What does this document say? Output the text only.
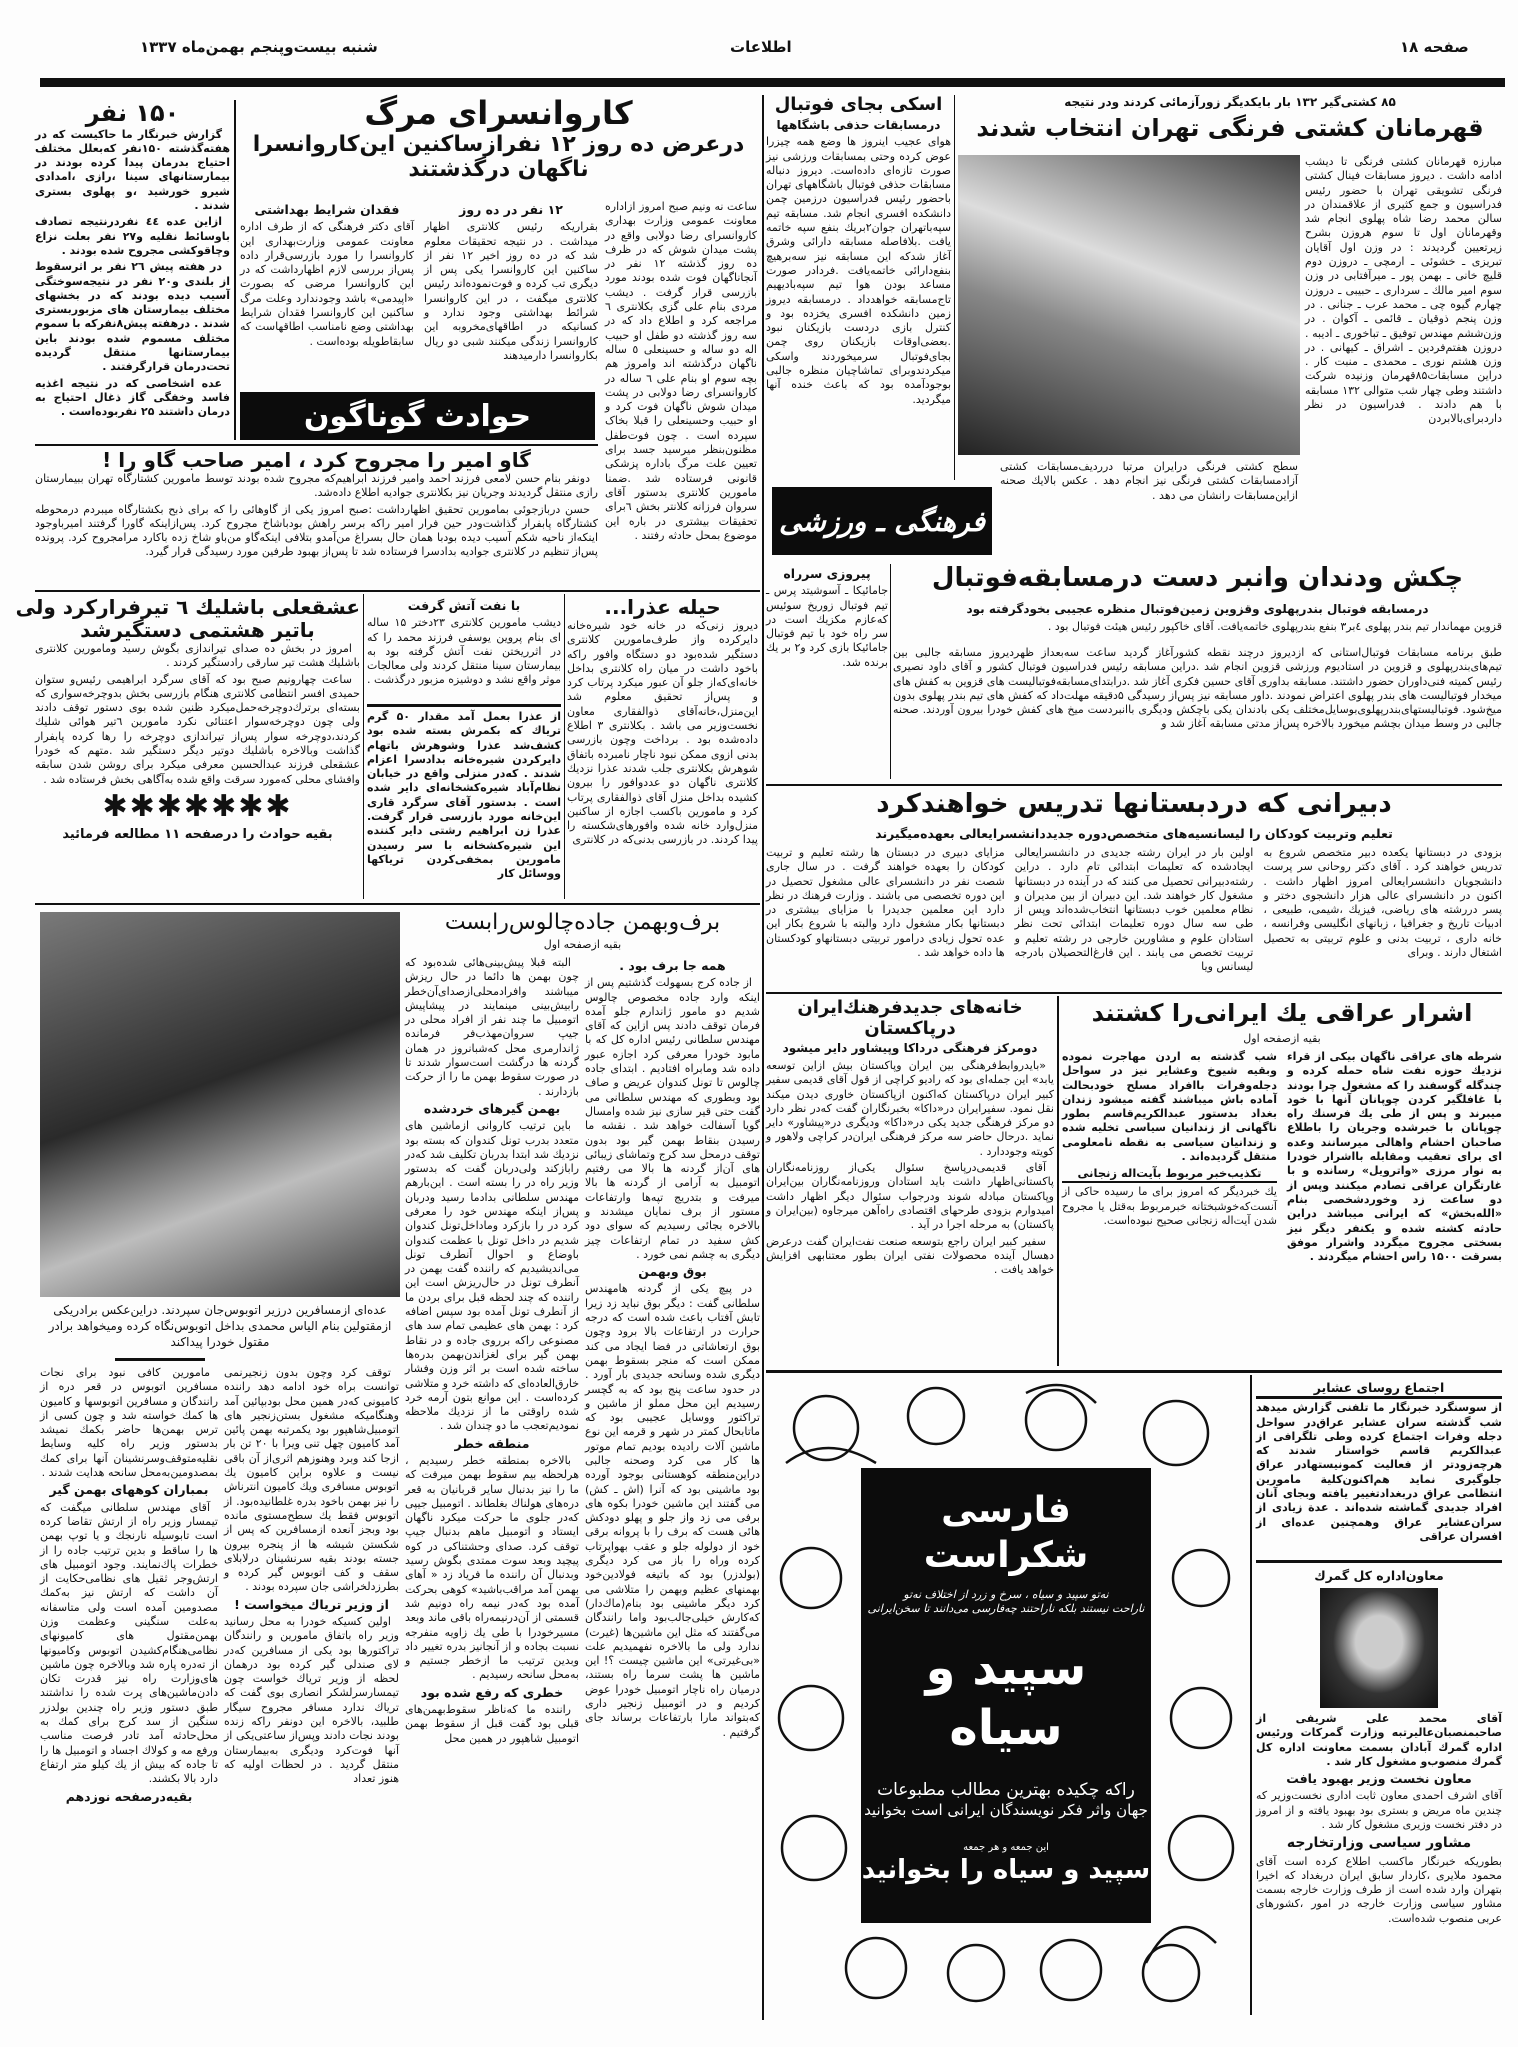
صفحه ۱۸
اطلاعات
شنبه بیست‌وپنجم بهمن‌ماه ۱۳۳۷
۱۵۰ نفر

گزارش خبرنگار ما حاکیست که در هفته‌گذشته ۱۵۰نفر که‌بعلل مختلف احتیاج بدرمان پیدا کرده بودند در بیمارستانهای سینا ،رازی ،امدادی شیرو خورشید ،و پهلوی بستری شدند .

ازاین عده ٤٤ نفردرنتیجه تصادف باوسائط نقلیه و۲۷ نفر بعلت نزاع وچاقوکشی مجروح شده بودند .

در هفته پیش ۲٦ نفر بر اثرسقوط از بلندی و۲۰ نفر در نتیجه‌سوختگی آسیب دیده بودند که در بخشهای مختلف بیمارستان های مزبوربستری شدند . درهفته پیش۸نفرکه با سموم مختلف مسموم شده بودند باین بیمارستانها منتقل گردیده تحت‌درمان قرارگرفتند .

عده اشخاصی که در نتیجه اغذیه فاسد وخفگی گاز ذغال احتیاج به درمان داشتند ۲۵ نفربوده‌است .

کاروانسرای مرگ
درعرض ده روز ۱۲ نفرازساکنین این‌کاروانسرا
ناگهان درگذشتند
۱۲ نفر در ده روز
بقراریکه رئیس کلانتری اظهار میداشت . در نتیجه تحقیقات معلوم شد که در ده روز اخیر ۱۲ نفر از ساکنین این کاروانسرا یکی پس از دیگری تب کرده و فوت‌نموده‌اند رئیس کلانتری میگفت ، در این کاروانسرا شرائط بهداشتی وجود ندارد و کسانیکه در اطاقهای‌مخروبه این کاروانسرا زندگی میکنند شبی دو ریال بکاروانسرا دارمیدهند
فقدان شرایط بهداشتی
آقای دکتر فرهنگی که از طرف اداره معاونت عمومی وزارت‌بهداری این کاروانسرا را مورد بازرسی‌قرار داده پس‌از بررسی لازم اظهارداشت که در این کاروانسرا مرضی که بصورت «اپیدمی» باشد وجودندارد وعلت مرگ ساکنین این کاروانسرا فقدان شرایط بهداشتی وضع نامناسب اطاقهاست که سابقاطویله بوده‌است .
ساعت نه ونیم صبح امروز ازاداره معاونت عمومی وزارت بهداری کاروانسرای رضا دولابی واقع در پشت میدان شوش که در ظرف ده روز گذشته ۱۲ نفر در آنجاناگهان فوت شده بودند مورد بازرسی قرار گرفت . دیشب مردی بنام علی گزی بکلانتری ٦ مراجعه کرد و اطلاع داد که در سه روز گذشته دو طفل او حبیب اله دو ساله و حسینعلی ٥ ساله ناگهان درگذشته اند وامروز هم بچه سوم او بنام علی ٦ ساله در کاروانسرای رضا دولابی در پشت میدان شوش ناگهان فوت کرد و او حبیب وحسینعلی را قبلا بخاک سپرده است . چون فوت‌طفل مظنون‌بنظر میرسید جسد برای تعیین علت مرگ باداره پزشکی قانونی فرستاده شد .ضمنا مامورین کلانتری بدستور آقای سروان فرزانه کلانتر بخش ٦برای تحقیقات بیشتری در باره این موضوع بمحل حادثه رفتند .
حوادث گوناگون
گاو امیر را مجروح کرد ، امیر صاحب گاو را !

دونفر بنام حسن لامعی فرزند احمد وامیر فرزند ابراهیم‌که مجروح شده بودند توسط مامورین کشتارگاه تهران ببیمارستان رازی منتقل گردیدند وجریان نیز بکلانتری جوادیه اطلاع داده‌شد.

حسن دربازجوئی بمامورین تحقیق اظهارداشت :صبح امروز یکی از گاوهائی را که برای ذبح بکشتارگاه میبردم درمحوطه کشتارگاه پابفرار گذاشت‌ودر حین فرار امیر راکه برسر راهش بودباشاخ مجروح کرد. پس‌ازاینکه گاورا گرفتند امیرباوجود اینکه‌از ناحیه شکم آسیب دیده بودبا همان حال بسراغ من‌آمدو بتلافی اینکه‌گاو من‌باو شاخ زده باکارد مرامجروح کرد. پرونده پس‌از تنظیم در کلانتری جوادیه بدادسرا فرستاده شد تا پس‌از بهبود طرفین مورد رسیدگی قرار گیرد.

عشقعلی باشلیك ٦ تیرفرارکرد ولی
باتیر هشتمی دستگیرشد

امروز در بخش ده صدای تیراندازی بگوش رسید ومامورین کلانتری باشلیك هشت تیر سارقی رادستگیر کردند .

ساعت چهارونیم صبح بود که آقای سرگرد ابراهیمی رئیس‌و ستوان حمیدی افسر انتظامی کلانتری هنگام بازرسی بخش بدوچرخه‌سواری که بسته‌ای برترك‌دوچرخه‌حمل‌میکرد ظنین شده بوی دستور توقف دادند ولی چون دوچرخه‌سوار اعتنائی نکرد مامورین ٦تیر هوائی شلیك کردند،دوچرخه سوار پس‌از تیراندازی دوچرخه را رها کرده پابفرار گذاشت وبالاخره باشلیك دوتیر دیگر دستگیر شد .متهم که خودرا عشقعلی فرزند عبدالحسین معرفی میکرد برای روشن شدن سابقه وافشای محلی که‌مورد سرقت واقع شده به‌آگاهی بخش فرستاده شد .

✱✱✱✱✱✱✱
بقیه حوادث را درصفحه ۱۱ مطالعه فرمائید
با نفت آتش گرفت
دیشب مامورین کلانتری ۲۳دختر ۱۵ ساله ای بنام پروین یوسفی فرزند محمد را که در اثرریختن نفت آتش گرفته بود به بیمارستان سینا منتقل کردند ولی معالجات موثر واقع نشد و دوشیزه مزبور درگذشت .
از عذرا بعمل آمد مقدار ۵۰ گرم تریاك که بکمرش بسته شده بود کشف‌شد عذرا وشوهرش باتهام دایرکردن شیره‌خانه بدادسرا اعزام شدند . که‌در منزلی واقع در خیابان نظام‌آباد شیره‌کشخانه‌ای دایر شده است . بدستور آقای سرگرد قاری این‌خانه مورد بازرسی قرار گرفت. عذرا زن ابراهیم رشتی دایر کننده این شیره‌کشخانه با سر رسیدن مامورین بمخفی‌کردن تریاکها ووسائل کار
حیله عذرا...
دیروز زنی‌که در خانه خود شیره‌خانه دایرکرده واز طرف‌مامورین کلانتری دستگیر شده‌بود دو دستگاه وافور راکه باخود داشت در میان راه کلانتری بداخل خانه‌ای‌که‌از جلو آن عبور میکرد پرتاب کرد و پس‌از تحقیق معلوم شد این‌منزل،خانه‌آقای ذوالفقاری معاون نخست‌وزیر می باشد . بکلانتری ۳ اطلاع داده‌شده بود . برداخت وچون بازرسی بدنی ازوی ممکن نبود ناچار نامبرده باتفاق شوهرش بکلانتری جلب شدند عذرا نزدیك کلانتری ناگهان دو عددوافور را بیرون کشیده بداخل منزل آقای ذوالفقاری پرتاب کرد و مامورین باکسب اجازه از ساکنین منزل‌وارد خانه شده وافورهای‌شکسته را پیدا کردند. در بازرسی بدنی‌که در کلانتری
برف‌وبهمن جاده‌چالوس‌رابست
بقیه ازصفحه اول
عده‌ای ازمسافرین درزیر اتوبوس‌جان سپردند. دراین‌عکس برادریکی ازمقتولین بنام الیاس محمدی بداخل اتوبوس‌نگاه کرده ومیخواهد برادر مقتول خودرا پیداکند
همه جا برف بود .

از جاده کرج بسهولت گذشتیم پس از اینکه وارد جاده مخصوص چالوس شدیم دو مامور ژاندارم جلو آمده فرمان توقف دادند پس ازاین که آقای مهندس سلطانی رئیس اداره کل که با مابود خودرا معرفی کرد اجازه عبور داده شد ومابراه افتادیم . ابتدای جاده چالوس تا تونل کندوان عریض و صاف بود وبطوری که مهندس سلطانی می گفت حتی قیر سازی نیز شده وامسال گویا آسفالت خواهد شد . نقشه ما رسیدن بنقاط بهمن گیر بود بدون توقف درمحل سد کرج وتماشای زیبائی های آن‌از گردنه ها بالا می رفتیم اتومبیل به آرامی از گردنه ها بالا میرفت و بتدریج تپه‌ها وارتفاعات مستور از برف نمایان میشدند و بالاخره بجائی رسیدیم که سوای دود کش سفید در تمام ارتفاعات چیز دیگری به چشم نمی خورد .

بوق وبهمن

در پیچ یکی از گردنه هامهندس سلطانی گفت : دیگر بوق نباید زد زیرا تابش آفتاب باعث شده است که درجه حرارت در ارتفاعات بالا برود وچون بوق ارتعاشاتی در فضا ایجاد می کند ممکن است که منجر بسقوط بهمن دیگری شده وسانحه جدیدی بار آورد . در حدود ساعت پنج بود که به گچسر رسیدیم این محل مملو از ماشین و تراکتور ووسایل عجیبی بود که ماتابحال کمتر در شهر و قرمه این نوع ماشین آلات رادیده بودیم تمام موتور ها کار می کرد وصحنه جالبی دراین‌منطقه کوهستانی بوجود آورده بود ماشینی بود که آنرا (اش ـ کش) می گفتند این ماشین خودرا بکوه های برفی می زد واز جلو و پهلو دودکش هائی هست که برف را با پروانه برقی خود از دولوله جلو و عقب بهواپرتاب کرده وراه را باز می کرد دیگری (بولدزر) بود که باتیغه فولادین‌خود بهمنهای عظیم وبهمن را متلاشی می کرد دیگر ماشینی بود بنام(ماك‌دار) که‌کارش خیلی‌جالب‌بود واما رانندگان می‌گفتند که مثل این ماشین‌ها (غیرت) ندارد ولی ما بالاخره نفهمیدیم علت «بی‌غیرتی» این ماشین چیست ؟! این ماشین ها پشت سرما راه بستند، درمیان راه ناچار اتومبیل خودرا عوض کردیم و در اتومبیل زنجیر داری که‌بتواند مارا بارتفاعات برساند جای گرفتیم .

البته قبلا پیش‌بینی‌هائی شده‌بود که چون بهمن ها دائما در حال ریزش میباشند وافرادمحلی‌ازصدای‌آن‌خطر رابیش‌بینی مینمایند در پیشاپیش اتومبیل ما چند نفر از افراد محلی در جیپ سروان‌مهذب‌فر فرمانده ژاندارمری محل که‌شبانروز در همان گردنه ها درگشت است‌سوار شدند تا در صورت سقوط بهمن ما را از حرکت بازدارند .

بهمن گیرهای خردشده

باین ترتیب کاروانی ازماشین های متعدد بدرب تونل کندوان که بسته بود نزدیك شد ابتدا بدربان تکلیف شد که‌در رابازکند ولی‌دربان گفت که بدستور وزیر راه در را بسته است . این‌بارهم مهندس سلطانی بدادما رسید ودربان پس‌از اینکه مهندس خود را معرفی کرد در را بازکرد وماداخل‌تونل کندوان شدیم در داخل تونل با عظمت کندوان باوضاع و احوال آنطرف تونل می‌اندیشیدیم که راننده گفت بهمن در آنطرف تونل در حال‌ریزش است این راننده که چند لحظه قبل برای بردن ما از آنطرف تونل آمده بود سپس اضافه کرد : بهمن های عظیمی تمام سد های مصنوعی راکه برروی جاده و در نقاط بهمن گیر برای لغزاندن‌بهمن بدره‌ها ساخته شده است بر اثر وزن وفشار خارق‌العاده‌ای که داشته خرد و متلاشی کرده‌است . این موانع بتون آرمه خرد شده راوقتی ما از نزدیك ملاحظه نمودیم‌تعجب ما دو چندان شد .

منطقه خطر

بالاخره بمنطقه خطر رسیدیم ، هرلحظه بیم سقوط بهمن میرفت که ما را نیز بدنبال سایر قربانیان به قعر دره‌های هولناك بغلطاند . اتومبیل جیپی که‌در جلوی ما حرکت میکرد ناگهان ایستاد و اتومبیل ماهم بدنبال جیپ توقف کرد. صدای وحشتناکی در کوه پیچید وبعد سوت ممتدی بگوش رسید وبدنبال آن راننده ما فریاد زد « آهای بهمن آمد مراقب‌باشید» کوهی بحرکت آمده بود که‌در نیمه راه دونیم شد قسمتی از آن‌درنیمه‌راه باقی ماند وبعد مسیرخودرا با طی یك زاویه منفرجه نسبت بجاده و از آنجانیز بدره تغییر داد وبدین ترتیب ما ازخطر جستیم و به‌محل سانحه رسیدیم .

خطری که رفع شده بود

راننده ما که‌ناظر سقوط‌بهمن‌های قبلی بود گفت قبل از سقوط بهمن اتومبیل شاهپور در همین محل

توقف کرد وچون بدون زنجیرنمی توانست براه خود ادامه دهد راننده کامیونی که‌در همین محل بودبپائین آمد وهنگامیکه مشغول بستن‌زنجیر های اتومبیل‌شاهپور بود یکمرتبه بهمن پائین آمد کامیون چهل تنی ویرا با ۲۰ تن بار ازجا کند وبرد وهنوزهم اثری‌از آن باقی نیست و علاوه براین کامیون یك اتوبوس مسافری ویك کامیون انترناش را نیز بهمن باخود بدره غلطانیده‌بود. از اتوبوس فقط یك سطح‌مستوی مانده بود وبجز آنعده ازمسافرین که پس از شکستن شیشه ها از پنجره بیرون جسته بودند بقیه سرنشینان درلابلای سقف و کف اتوبوس گیر کرده و بطرزدلخراشی جان سپرده بودند .

از وزیر تریاك میخواست !

اولین کسیکه خودرا به محل رسانید وزیر راه باتفاق مامورین و رانندگان تراکتورها بود یکی از مسافرین که‌در لای صندلی گیر کرده بود درهمان لحظه از وزیر تریاك خواست چون تیمسارسرلشکر انصاری بوی گفت که تریاك ندارد مسافر مجروح سیگار طلبید، بالاخره این دونفر راکه زنده بودند نجات دادند وپس‌از ساعتی‌یکی از آنها فوت‌کرد ودیگری به‌بیمارستان منتقل گردید . در لحظات اولیه که هنوز تعداد

مامورین کافی نبود برای نجات مسافرین اتوبوس در قعر دره از رانندگان و مسافرین اتوبوسها و کامیون ها کمك خواسته شد و چون کسی از ترس بهمن‌ها حاضر بکمك نمیشد بدستور وزیر راه کلیه وسایط نقلیه‌متوقف‌وسرنشینان آنها برای کمك بمصدومین‌به‌محل سانحه هدایت شدند .

بمباران کوههای بهمن گیر

آقای مهندس سلطانی میگفت که تیمسار وزیر راه از ارتش تقاضا کرده است تابوسیله نارنجك و یا توپ بهمن ها را ساقط و بدین ترتیب جاده را از خطرات پاك‌نمایند. وجود اتومبیل های ارتش‌وجر ثقیل های نظامی‌حکایت از آن داشت که ارتش نیز به‌کمك مصدومین آمده است ولی متاسفانه به‌علت سنگینی وعظمت وزن بهمن‌مقتول های کامیونهای نظامی‌هنگام‌کشیدن اتوبوس وکامیونها از ته‌دره پاره شد وبالاخره چون ماشین های‌وزارت راه نیز قدرت تکان دادن‌ماشین‌های پرت شده را نداشتند طبق دستور وزیر راه چندین بولدزر سنگین از سد کرج برای کمك به محل‌حادثه آمد تادر فرصت مناسب ورفع مه و کولاك اجساد و اتومبیل ها را تا جاده که بیش از یك کیلو متر ارتفاع دارد بالا بکشند.

بقیه‌درصفحه نوزدهم
اسکی بجای فوتبال
درمسابقات حذفی باشگاهها
هوای عجیب اینروز ها وضع همه چیزرا عوض کرده وحتی بمسابقات ورزشی نیز صورت تازه‌ای داده‌است. دیروز دنباله مسابقات حذفی فوتبال باشگاههای تهران باحضور رئیس فدراسیون درزمین چمن دانشکده افسری انجام شد. مسابقه تیم سپه‌باتهران جوان۲بریك بنفع سپه خاتمه یافت .بلافاصله مسابقه دارائی وشرق آغاز شدکه این مسابقه نیز سه‌برهیچ بنفع‌دارائی خاتمه‌یافت .فردادر صورت مساعد بودن هوا تیم سپه‌بادیهیم تاج‌مسابقه خواهدداد . درمسابقه دیروز زمین دانشکده افسری یخزده بود و کنترل بازی دردست بازیکنان نبود .بعضی‌اوقات بازیکنان روی چمن بجای‌فوتبال سرمیخوردند واسکی میکردندوبرای تماشاچیان منظره جالبی بوجودآمده بود که باعث خنده آنها میگردید.
۸۵ کشتی‌گیر ۱۳۲ بار بایکدیگر زورآزمائی کردند ودر نتیجه
قهرمانان کشتی فرنگی تهران انتخاب شدند
مبارزه قهرمانان کشتی فرنگی تا دیشب ادامه داشت . دیروز مسابقات فینال کشتی فرنگی تشویقی تهران با حضور رئیس فدراسیون و جمع کثیری از علاقمندان در سالن محمد رضا شاه پهلوی انجام شد وقهرمانان اول تا سوم هروزن بشرح زیرتعیین گردیدند : در وزن اول آقایان تبریزی ـ خشوئی ـ ارمچی ـ دروزن دوم قلیچ خانی ـ بهمن پور ـ میرآفتابی در وزن سوم امیر مالك ـ سرداری ـ حبیبی ـ دروزن چهارم گیوه چی ـ محمد عرب ـ جنانی . در وزن پنجم ذوقیان ـ قائمی ـ آکوان . در وزن‌ششم مهندس توفیق ـ تباخوری ـ ادیبه . دروزن هفتم‌فردین ـ اشراق ـ کیهانی . در وزن هشتم نوری ـ محمدی ـ منبت کار . دراین مسابقات۸۵قهرمان وزنیده شرکت داشتند وطی چهار شب متوالی ۱۳۲ مسابقه با هم دادند . فدراسیون در نظر دارد‌برای‌بالابردن
سطح کشتی فرنگی درایران مرتبا درردیف‌مسابقات کشتی آزادمسابقات کشتی فرنگی نیز انجام دهد . عکس بالایك صحنه ازاین‌مسابقات رانشان می دهد .
فرهنگی ـ ورزشی
پیروزی سرراه
جامائیکا ـ آسوشیتد پرس ـ تیم فوتبال زوریخ سوئیس که‌عازم مکزیك است در سر راه خود با تیم فوتبال جامائیکا بازی کرد و۲ بر یك برنده شد.
چکش ودندان وانبر دست درمسابقه‌فوتبال
درمسابقه فوتبال بندرپهلوی وقزوین زمین‌فوتبال منظره عجیبی بخودگرفته بود
قزوین مهماندار تیم بندر پهلوی ٤بر۳ بنفع بندرپهلوی خاتمه‌یافت. آقای خاکپور رئیس هیئت فوتبال بود .
طبق برنامه مسابقات فوتبال‌استانی که ازدیروز درچند نقطه کشورآغاز گردید ساعت سه‌بعداز ظهر‌دیروز مسابقه جالبی بین تیم‌های‌بندرپهلوی و قزوین در استادیوم ورزشی قزوین انجام شد .دراین مسابقه رئیس فدراسیون فوتبال کشور و آقای داود نصیری رئیس کمیته فنی‌داوران حضور داشتند. مسابقه بداوری آقای حسین فکری آغاز شد .درابتدای‌مسابقه‌فوتبالیست های قزوین به کفش های میخدار فوتبالیست های بندر پهلوی اعتراض نمودند .داور مسابقه نیز پس‌از رسیدگی ۵دقیقه مهلت‌داد که کفش های تیم بندر پهلوی بدون میخ‌شود. فوتبالیستهای‌بندرپهلوی‌بوسایل‌مختلف یکی بادندان یکی باچکش ودیگری باانبردست میخ های کفش خودرا بیرون آوردند. صحنه جالبی در وسط میدان بچشم میخورد بالاخره پس‌از مدتی مسابقه آغاز شد و
دبیرانی که دردبستانها تدریس خواهندکرد
تعلیم وتربیت کودکان را لیسانسیه‌های متخصص‌دوره جدیددانشسرایعالی بعهده‌میگیرند
بزودی در دبستانها یکعده دبیر متخصص شروع به تدریس خواهند کرد . آقای دکتر روحانی سر پرست دانشجویان دانشسرایعالی امروز اظهار داشت . اکنون در دانشسرای عالی هزار دانشجوی دختر و پسر دررشته های ریاضی، فیزیك ،شیمی، طبیعی ، ادبیات تاریخ و جغرافیا ، زبانهای انگلیسی وفرانسه ، خانه داری ، تربیت بدنی و علوم تربیتی به تحصیل اشتغال دارند . وبرای
اولین بار در ایران رشته جدیدی در دانشسرایعالی ایجادشده که تعلیمات ابتدائی تام دارد . دراین رشته‌دبیرانی تحصیل می کنند که در آینده در دبستانها مشغول کار خواهند شد. این دبیران از بین مدیران و نظام معلمین خوب دبستانها انتخاب‌شده‌اند وپس از طی سه سال دوره تعلیمات ابتدائی تحت نظر استادان علوم و مشاورین خارجی در رشته تعلیم و تربیت تخصص می یابند . این فارغ‌التحصیلان بادرجه لیسانس ویا
مزایای دبیری در دبستان ها رشته تعلیم و تربیت کودکان را بعهده خواهند گرفت . در سال جاری شصت نفر در دانشسرای عالی مشغول تحصیل در این دوره تخصصی می باشند . وزارت فرهنك در نظر دارد این معلمین جدیدرا با مزایای بیشتری در دبستانها بکار مشغول دارد والبته با شروع بکار این عده تحول زیادی درامور تربیتی دبستانهاو کودکستان ها داده خواهد شد .
خانه‌های جدیدفرهنك‌ایران درپاکستان
دومرکز فرهنگی درداکا وپیشاور دایر میشود

«بایدروابط‌فرهنگی بین ایران وپاکستان بیش ازاین توسعه یابد» این جمله‌ای بود که رادیو کراچی از قول آقای قدیمی سفیر کبیر ایران درپاکستان که‌اکنون ازپاکستان خاوری دیدن میکند نقل نمود. سفیرایران در«داکا» بخبرنگاران گفت که‌در نظر دارد دو مرکز فرهنگی جدید یکی در«داکا» ودیگری در«پیشاور» دایر نماید .درحال حاضر سه مرکز فرهنگی ایران‌در کراچی ولاهور و کویته وجوددارد .

آقای قدیمی‌درپاسخ سئوال یکی‌از روزنامه‌نگاران پاکستانی‌اظهار داشت باید استادان وروزنامه‌نگاران بین‌ایران وپاکستان مبادله شوند ودرجواب سئوال دیگر اظهار داشت امیدوارم بزودی طرحهای اقتصادی راه‌آهن میرجاوه (بین‌ایران و پاکستان) به مرحله اجرا در آید .

سفیر کبیر ایران راجع بتوسعه صنعت نفت‌ایران گفت درعرض دهسال آینده محصولات نفتی ایران بطور معتنابهی افزایش خواهد یافت .

اشرار عراقی یك ایرانی‌را کشتند
بقیه ازصفحه اول
شب گذشته به اردن مهاجرت نموده وبقیه شیوخ وعشایر نیز در سواحل دجله‌وفرات باافراد مسلح خودبحالت آماده باش میباشند گفته میشود زندان بغداد بدستور عبدالکریم‌قاسم بطور ناگهانی از زندانیان سیاسی تخلیه شده و زندانیان سیاسی به نقطه نامعلومی منتقل گردیده‌اند .
تکذیب‌خبر مربوط بآیت‌اله زنجانی
یك خبردیگر که امروز برای ما رسیده حاکی از آنست‌که‌خوشبختانه خبرمربوط به‌قتل یا مجروح شدن آیت‌اله زنجانی صحیح نبوده‌است.
شرطه های عراقی ناگهان بیکی از قراء نزدیك حوزه نفت شاه حمله کرده و چندگله گوسفند را که مشغول چرا بودند با غافلگیر کردن چوپانان آنها با خود میبرند و پس از طی یك فرسنك راه چوپانان با خبرشده وجریان را باطلاع صاحبان احشام واهالی میرسانند وعده ای برای تعقیب ومقابله بااشرار خودرا به نوار مرزی «واترویل» رسانده و با غارتگران عراقی تصادم میکنند وپس از دو ساعت زد وخوردشخصی بنام «الله‌بخش» که ایرانی میباشد دراین حادثه کشته شده و یکنفر دیگر نیز بسختی مجروح میگردد واشرار موفق بسرقت ۱۵۰۰ راس احشام میگردند .
فارسی شکراست
نه‌تو سپید و سیاه ، سرخ و زرد از اختلاف نه‌تو
ناراحت نیستند بلکه ناراحتند چه‌فارسی می‌دانند تا سخن‌ایرانی
سپید و سیاه
راکه چکیده بهترین مطالب مطبوعات
جهان واثر فکر نویسندگان ایرانی است بخوانید
این جمعه و هر جمعه
سپید و سیاه را بخوانید
اجتماع روسای عشایر
از سوسنگرد خبرنگار ما تلفنی گزارش میدهد شب گذشته سران عشایر عراق‌در سواحل دجله وفرات اجتماع کرده وطی تلگرافی از عبدالکریم قاسم خواستار شدند که هرچه‌زودتر از فعالیت کمونیستهادر عراق جلوگیری نماید هم‌اکنون‌کلیة مامورین انتظامی عراق دربغدادتغییر یافته وبجای آنان افراد جدیدی گماشته شده‌اند . عدة زیادی از سران‌عشایر عراق وهمچنین عده‌ای از افسران عراقی
معاون‌اداره کل گمرك
آقای محمد علی شریفی از صاحبمنصبان‌عالیرتبه وزارت گمرکات ورئیس اداره گمرك آبادان بسمت معاونت اداره کل گمرك منصوب‌و مشغول کار شد .
معاون نخست وزیر بهبود یافت
آقای اشرف احمدی معاون ثابت اداری نخست‌وزیر که چندین ماه مریض و بستری بود بهبود یافته و از امروز در دفتر نخست وزیری مشغول کار شد .
مشاور سیاسی وزارتخارجه
بطوریکه خبرنگار ماکسب اطلاع کرده است آقای محمود ملایری ،کاردار سابق ایران دربغداد که اخیرا بتهران وارد شده است از طرف وزارت خارجه بسمت مشاور سیاسی وزارت خارجه در امور ،کشورهای عربی منصوب شده‌است.
